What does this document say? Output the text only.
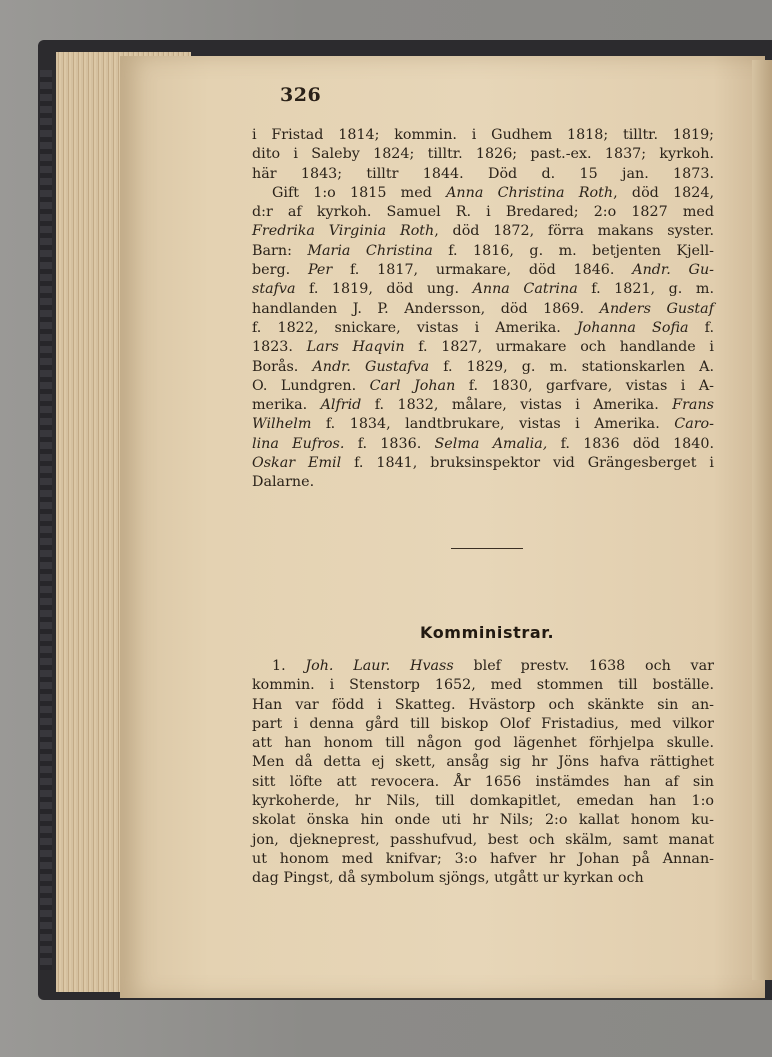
326
i Fristad 1814; kommin. i Gudhem 1818; tilltr. 1819;
dito i Saleby 1824; tilltr. 1826; past.-ex. 1837; kyrkoh.
här 1843; tilltr 1844. Död d. 15 jan. 1873.
Gift 1:o 1815 med Anna Christina Roth, död 1824,
d:r af kyrkoh. Samuel R. i Bredared; 2:o 1827 med
Fredrika Virginia Roth, död 1872, förra makans syster.
Barn: Maria Christina f. 1816, g. m. betjenten Kjell-
berg. Per f. 1817, urmakare, död 1846. Andr. Gu-
stafva f. 1819, död ung. Anna Catrina f. 1821, g. m.
handlanden J. P. Andersson, död 1869. Anders Gustaf
f. 1822, snickare, vistas i Amerika. Johanna Sofia f.
1823. Lars Haqvin f. 1827, urmakare och handlande i
Borås. Andr. Gustafva f. 1829, g. m. stationskarlen A.
O. Lundgren. Carl Johan f. 1830, garfvare, vistas i A-
merika. Alfrid f. 1832, målare, vistas i Amerika. Frans
Wilhelm f. 1834, landtbrukare, vistas i Amerika. Caro-
lina Eufros. f. 1836. Selma Amalia, f. 1836 död 1840.
Oskar Emil f. 1841, bruksinspektor vid Grängesberget i
Dalarne.
Komministrar.
1. Joh. Laur. Hvass blef prestv. 1638 och var
kommin. i Stenstorp 1652, med stommen till boställe.
Han var född i Skatteg. Hvästorp och skänkte sin an-
part i denna gård till biskop Olof Fristadius, med vilkor
att han honom till någon god lägenhet förhjelpa skulle.
Men då detta ej skett, ansåg sig hr Jöns hafva rättighet
sitt löfte att revocera. År 1656 instämdes han af sin
kyrkoherde, hr Nils, till domkapitlet, emedan han 1:o
skolat önska hin onde uti hr Nils; 2:o kallat honom ku-
jon, djekneprest, passhufvud, best och skälm, samt manat
ut honom med knifvar; 3:o hafver hr Johan på Annan-
dag Pingst, då symbolum sjöngs, utgått ur kyrkan och
